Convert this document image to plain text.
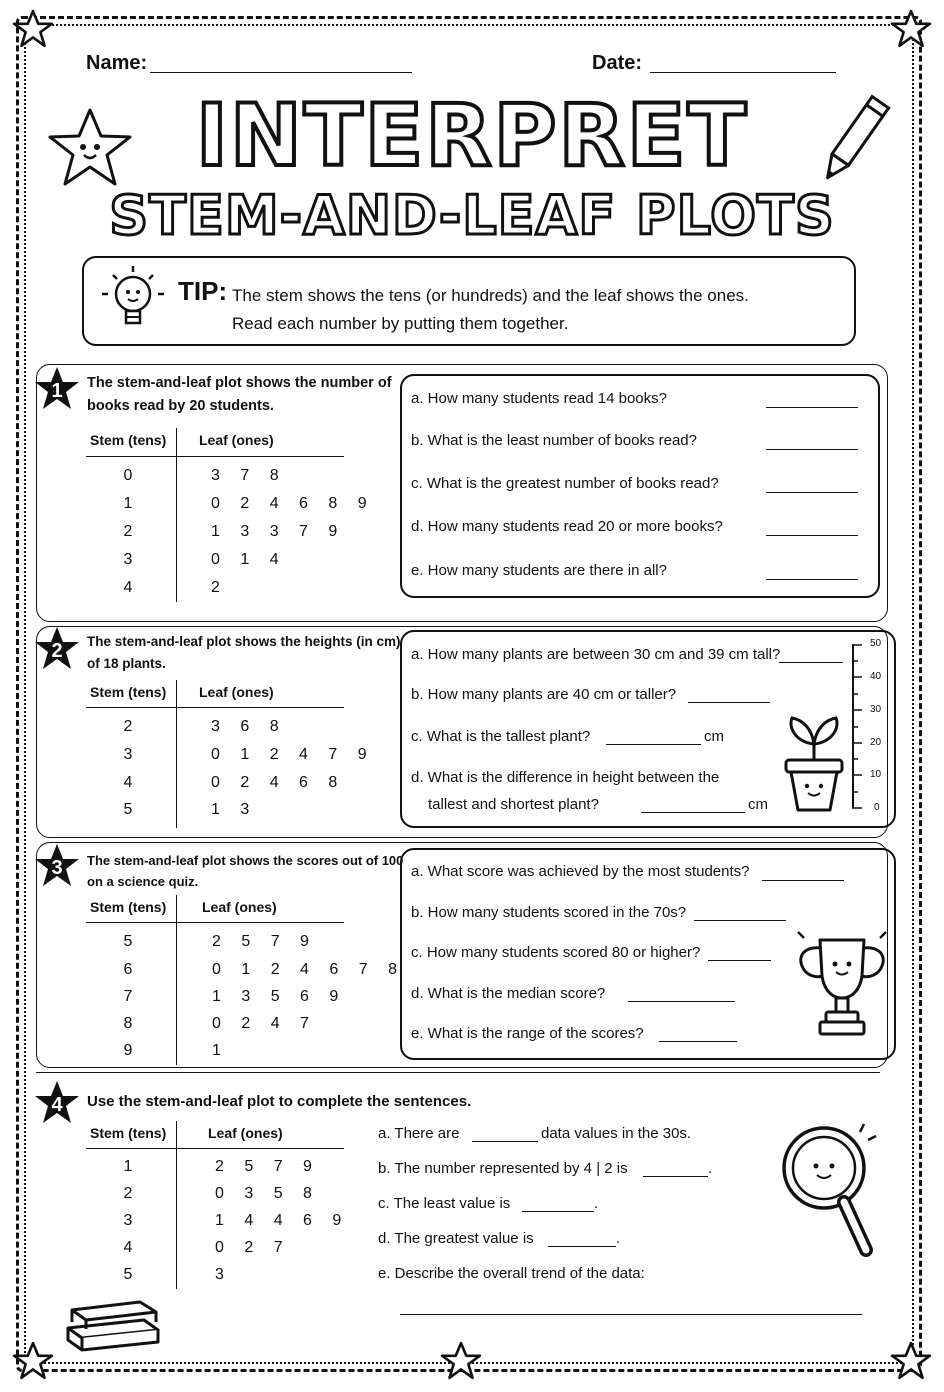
Name:	Date:
INTERPRET
STEM-AND-LEAF PLOTS
TIP: The stem shows the tens (or hundreds) and the leaf shows the ones.
Read each number by putting them together.
1 The stem-and-leaf plot shows the number of
books read by 20 students.
Stem (tens) Leaf (ones)
0	3 7 8
1	0 2 4 6 8 9
2	1 3 3 7 9
3	0 1 4
4	2
a. How many students read 14 books?
b. What is the least number of books read?
c. What is the greatest number of books read?
d. How many students read 20 or more books?
e. How many students are there in all?
2 The stem-and-leaf plot shows the heights (in cm)
of 18 plants.
Stem (tens) Leaf (ones)
2	3 6 8
3	0 1 2 4 7 9
4	0 2 4 6 8
5	1 3
a. How many plants are between 30 cm and 39 cm tall?
b. How many plants are 40 cm or taller?
c. What is the tallest plant?	cm
d. What is the difference in height between the
tallest and shortest plant?	cm
50
40
30
20
10
0
3 The stem-and-leaf plot shows the scores out of 100
on a science quiz.
Stem (tens)	Leaf (ones)
5	2 5 7 9
6	0 1 2 4 6 7 8
7	1 3 5 6 9
8	0 2 4 7
9	1
a. What score was achieved by the most students?
b. How many students scored in the 70s?
c. How many students scored 80 or higher?
d. What is the median score?
e. What is the range of the scores?
4 Use the stem-and-leaf plot to complete the sentences.
Stem (tens)	Leaf (ones)
1	2 5 7 9
2	0 3 5 8
3	1 4 4 6 9
4	0 2 7
5	3
a. There are	data values in the 30s.
b. The number represented by 4 | 2 is	.
c. The least value is	.
d. The greatest value is	.
e. Describe the overall trend of the data:
